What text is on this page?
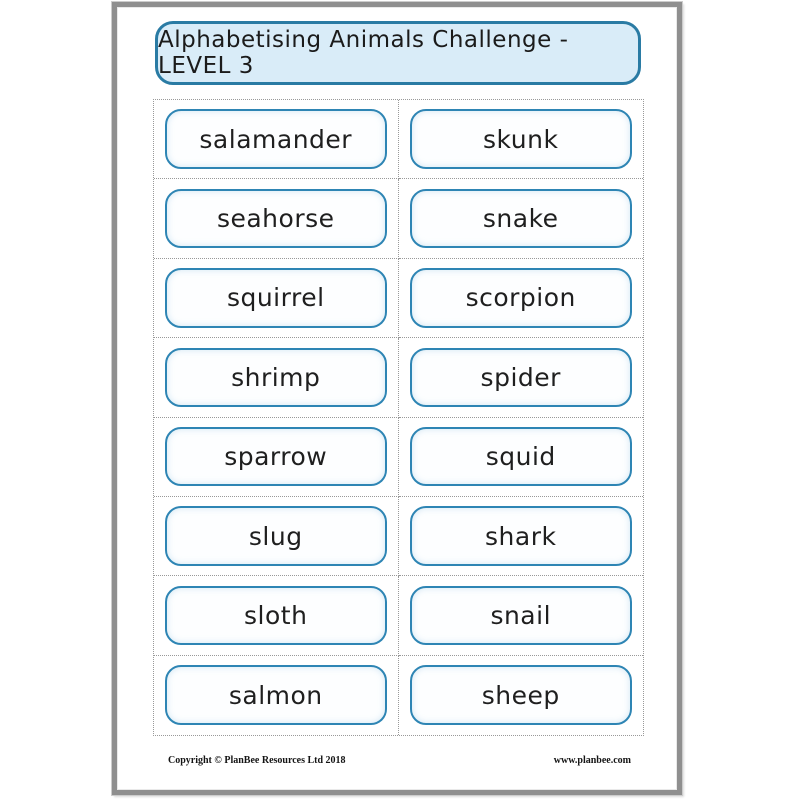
Alphabetising Animals Challenge - LEVEL 3
salamander	skunk
seahorse	snake
squirrel	scorpion
shrimp	spider
sparrow	squid
slug	shark
sloth	snail
salmon	sheep
Copyright © PlanBee Resources Ltd 2018	www.planbee.com
